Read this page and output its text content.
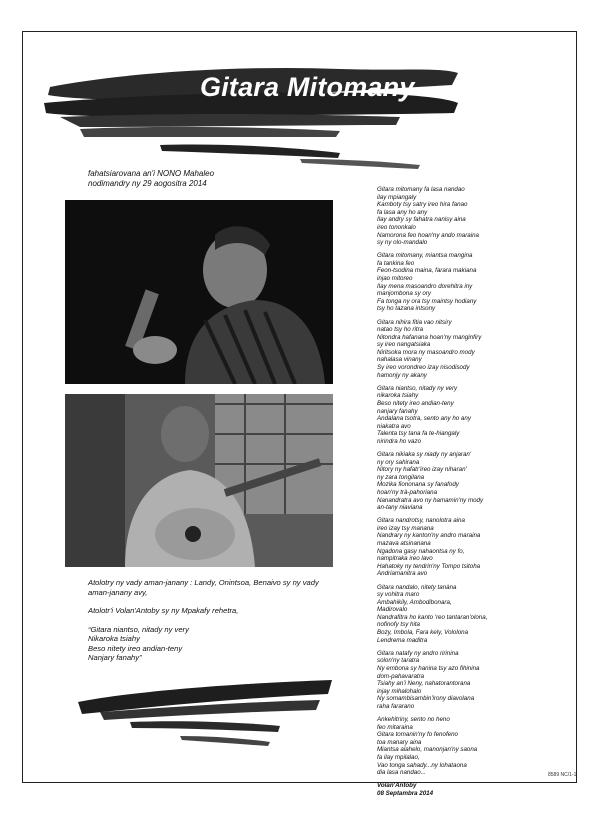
Gitara Mitomany
fahatsiarovana an'i NONO Mahaleo
nodimandry ny 29 aogositra 2014

Atolotry ny vady aman-janany : Landy, Onintsoa, Benaivo sy ny vady aman-janany avy,

Atolotr'i Volan'Antoby sy ny Mpakafy rehetra,

“Gitara niantso, nitady ny very
Nikaroka tsiahy
Beso nitety ireo andian-teny
Nanjary fanahy”

Gitara mitomany fa lasa nandao
ilay mpiangaly
Kamboty tsy satry ireo hira fanao
fa lasa any ho any
Ilay andry sy fahatra nanisy aina
ireo tononkalo
Namorona feo hoan'ny ando maraina
sy ny olo-mandalo
Gitara mitomany, miantsa mangina
fa tankina feo
Feon-tsodina maina, farara makiana
injao mitoreo
Ilay mena masoandro dorehitra iny
manjombona sy ory
Fa tonga ny ora tsy maintsy hodiany
tsy ho tazana intsony
Gitara nihira fitia vao nitsiry
natao tsy ho ritra
Nitondra hafanana hoan'ny manginfiry
sy ireo nangatsiaka
Niritsoka mora ny masoandro mody
nahalasa vinany
Sy ireo vorondreo izay nisodisody
hamonjy ny akany
Gitara niantso, nitady ny very
nikaroka tsiahy
Beso nitety ireo andian-teny
nanjary fanahy
Andalana tsotra, sento any ho any
niakatra avo
Talenta tsy tana fa te-hiangaly
nirindra ho vazo
Gitara nikiaka sy niady ny anjaran'
ny ory sahirana
Nitory ny hafatr'ireo izay niharan'
ny zara tongilana
Mozika fiononana sy fanafody
hoan'ny trà-pahoriana
Nanandratra avo ny hamamin'ny mody
an-tany niaviana
Gitara nandrotsy, nanolotra aina
ireo izay tsy manana
Nandrary ny kanton'ny andro maraina
mazava atsinanana
Ngadona gasy nahaontsa ny fo,
nampitraka ireo lavo
Hahatoky ny tendrin'ny Tompo tsitoha
Andriamanitra avo
Gitara nandalo, nitety tanàna
sy vohitra maro
Ambahikily, Ambodibonara,
Madirovalo
Nandrafitra ho kanto 'reo tantaran'olona,
nofinofy tsy hita
Bozy, Imbola, Fara kely, Vololona
Lendrema maditra
Gitara natafy ny andro ririnina
solon'ny taratra
Ny embona sy hanina tsy azo fihinina
dom-pahavaratra
Tsiahy an'i Neny, nahatorantorana
injay mihalohalo
Ny somambisambin'irony diavolana
raha fararano
Ankehitriny, sento no heno
feo mitaraina
Gitara tomanin'ny fo fenofeno
toa manary aina
Miantsa alahelo, manonjan'ny saona
fa ilay mpilalao,
Vao tonga sahady...ny lohataona
dia lasa nandao...
Volan'Antoby
08 Septambra 2014
8589 NC/1-1
